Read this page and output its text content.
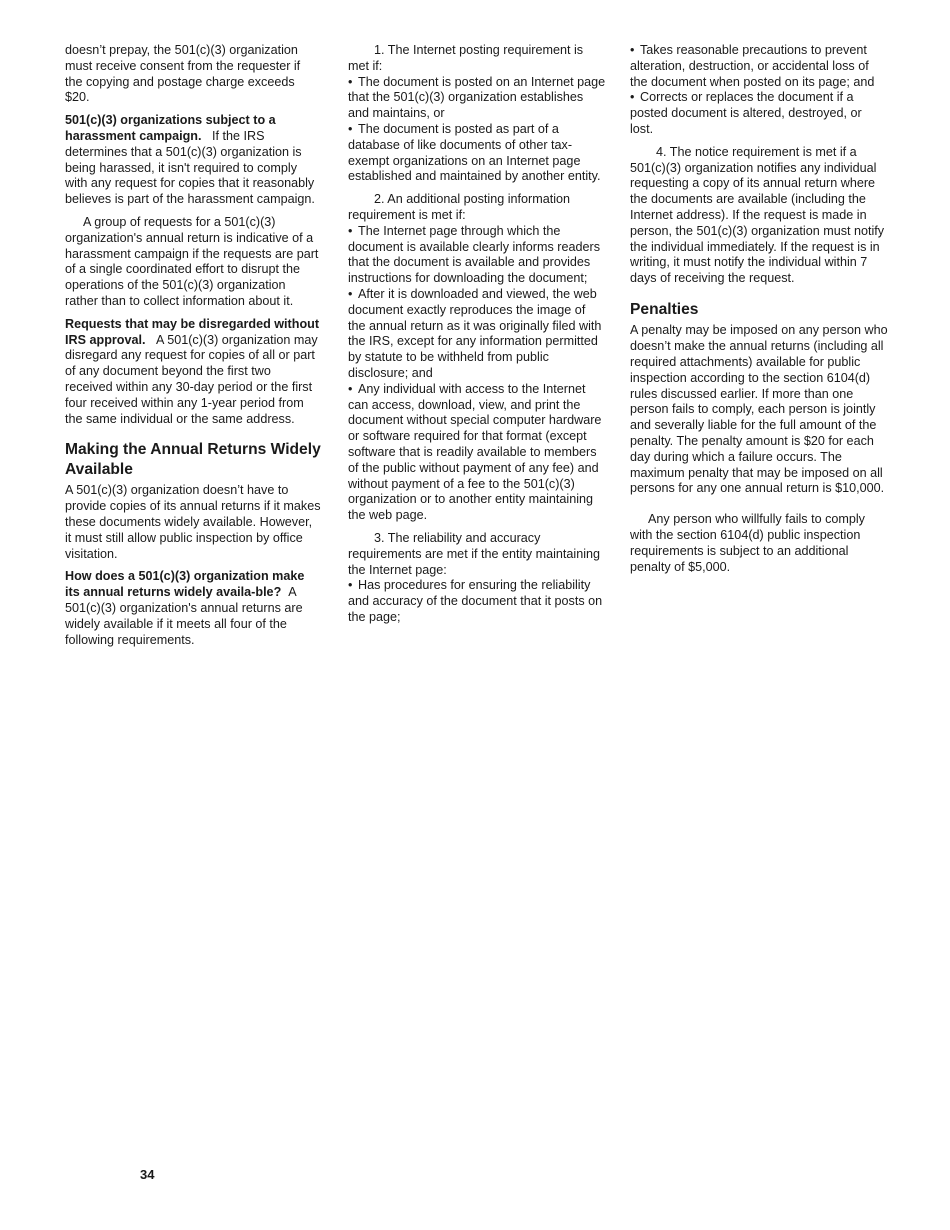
doesn’t prepay, the 501(c)(3) organization must receive consent from the requester if the copying and postage charge exceeds $20.

501(c)(3) organizations subject to a harassment campaign. If the IRS determines that a 501(c)(3) organization is being harassed, it isn't required to comply with any request for copies that it reasonably believes is part of the harassment campaign.

A group of requests for a 501(c)(3) organization's annual return is indicative of a harassment campaign if the requests are part of a single coordinated effort to disrupt the operations of the 501(c)(3) organization rather than to collect information about it.

Requests that may be disregarded without IRS approval. A 501(c)(3) organization may disregard any request for copies of all or part of any document beyond the first two received within any 30-day period or the first four received within any 1-year period from the same individual or the same address.

Making the Annual Returns Widely Available

A 501(c)(3) organization doesn’t have to provide copies of its annual returns if it makes these documents widely available. However, it must still allow public inspection by office visitation.

How does a 501(c)(3) organization make its annual returns widely availa-ble? A 501(c)(3) organization's annual returns are widely available if it meets all four of the following requirements.

1. The Internet posting requirement is met if:

• The document is posted on an Internet page that the 501(c)(3) organization establishes and maintains, or
• The document is posted as part of a database of like documents of other tax-exempt organizations on an Internet page established and maintained by another entity.

2. An additional posting information requirement is met if:

• The Internet page through which the document is available clearly informs readers that the document is available and provides instructions for downloading the document;
• After it is downloaded and viewed, the web document exactly reproduces the image of the annual return as it was originally filed with the IRS, except for any information permitted by statute to be withheld from public disclosure; and
• Any individual with access to the Internet can access, download, view, and print the document without special computer hardware or software required for that format (except software that is readily available to members of the public without payment of any fee) and without payment of a fee to the 501(c)(3) organization or to another entity maintaining the web page.

3. The reliability and accuracy requirements are met if the entity maintaining the Internet page:

• Has procedures for ensuring the reliability and accuracy of the document that it posts on the page;
• Takes reasonable precautions to prevent alteration, destruction, or accidental loss of the document when posted on its page; and
• Corrects or replaces the document if a posted document is altered, destroyed, or lost.

4. The notice requirement is met if a 501(c)(3) organization notifies any individual requesting a copy of its annual return where the documents are available (including the Internet address). If the request is made in person, the 501(c)(3) organization must notify the individual immediately. If the request is in writing, it must notify the individual within 7 days of receiving the request.

Penalties

A penalty may be imposed on any person who doesn’t make the annual returns (including all required attachments) available for public inspection according to the section 6104(d) rules discussed earlier. If more than one person fails to comply, each person is jointly and severally liable for the full amount of the penalty. The penalty amount is $20 for each day during which a failure occurs. The maximum penalty that may be imposed on all persons for any one annual return is $10,000.

Any person who willfully fails to comply with the section 6104(d) public inspection requirements is subject to an additional penalty of $5,000.

34
